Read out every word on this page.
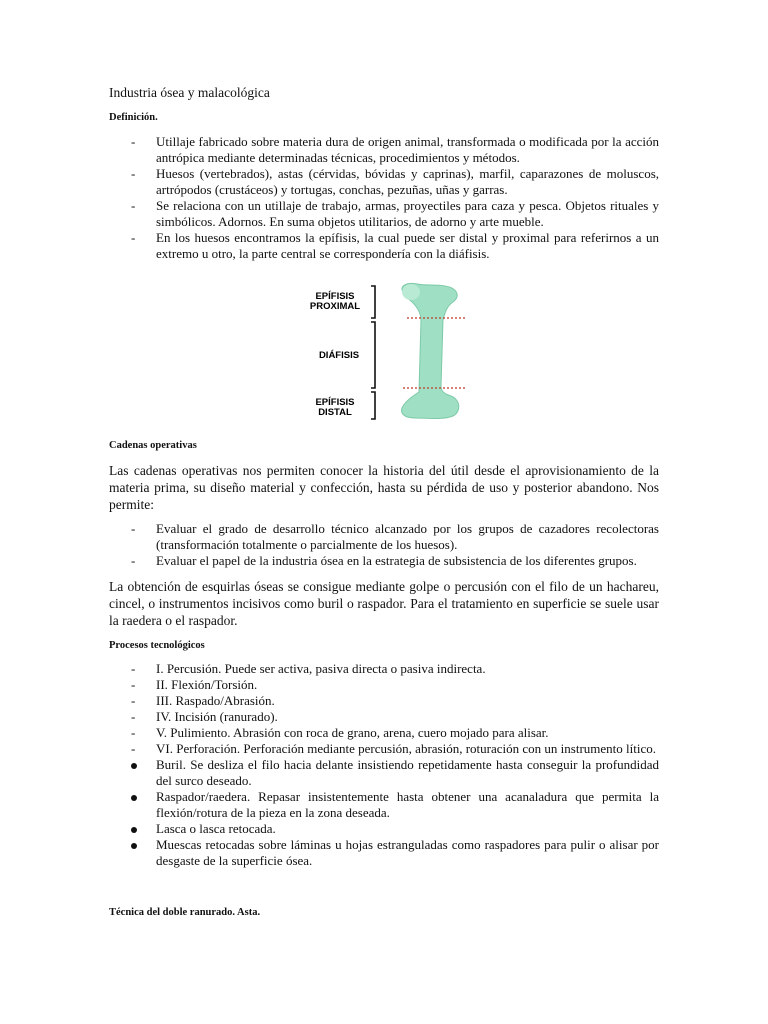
Industria ósea y malacológica
Definición.
-	Utillaje fabricado sobre materia dura de origen animal, transformada o modificada por la acción antrópica mediante determinadas técnicas, procedimientos y métodos.
-	Huesos (vertebrados), astas (cérvidas, bóvidas y caprinas), marfil, caparazones de moluscos, artrópodos (crustáceos) y tortugas, conchas, pezuñas, uñas y garras.
-	Se relaciona con un utillaje de trabajo, armas, proyectiles para caza y pesca. Objetos rituales y simbólicos. Adornos. En suma objetos utilitarios, de adorno y arte mueble.
-	En los huesos encontramos la epífisis, la cual puede ser distal y proximal para referirnos a un extremo u otro, la parte central se correspondería con la diáfisis.
EPÍFISIS
PROXIMAL
DIÁFISIS
EPÍFISIS
DISTAL
Cadenas operativas

Las cadenas operativas nos permiten conocer la historia del útil desde el aprovisionamiento de la materia prima, su diseño material y confección, hasta su pérdida de uso y posterior abandono. Nos permite:

-	Evaluar el grado de desarrollo técnico alcanzado por los grupos de cazadores recolectoras (transformación totalmente o parcialmente de los huesos).
-	Evaluar el papel de la industria ósea en la estrategia de subsistencia de los diferentes grupos.

La obtención de esquirlas óseas se consigue mediante golpe o percusión con el filo de un hachareu, cincel, o instrumentos incisivos como buril o raspador. Para el tratamiento en superficie se suele usar la raedera o el raspador.

Procesos tecnológicos
-	I. Percusión. Puede ser activa, pasiva directa o pasiva indirecta.
-	II. Flexión/Torsión.
-	III. Raspado/Abrasión.
-	IV. Incisión (ranurado).
-	V. Pulimiento. Abrasión con roca de grano, arena, cuero mojado para alisar.
-	VI. Perforación. Perforación mediante percusión, abrasión, roturación con un instrumento lítico.
Buril. Se desliza el filo hacia delante insistiendo repetidamente hasta conseguir la profundidad del surco deseado.
Raspador/raedera. Repasar insistentemente hasta obtener una acanaladura que permita la flexión/rotura de la pieza en la zona deseada.
Lasca o lasca retocada.
Muescas retocadas sobre láminas u hojas estranguladas como raspadores para pulir o alisar por desgaste de la superficie ósea.
Técnica del doble ranurado. Asta.
